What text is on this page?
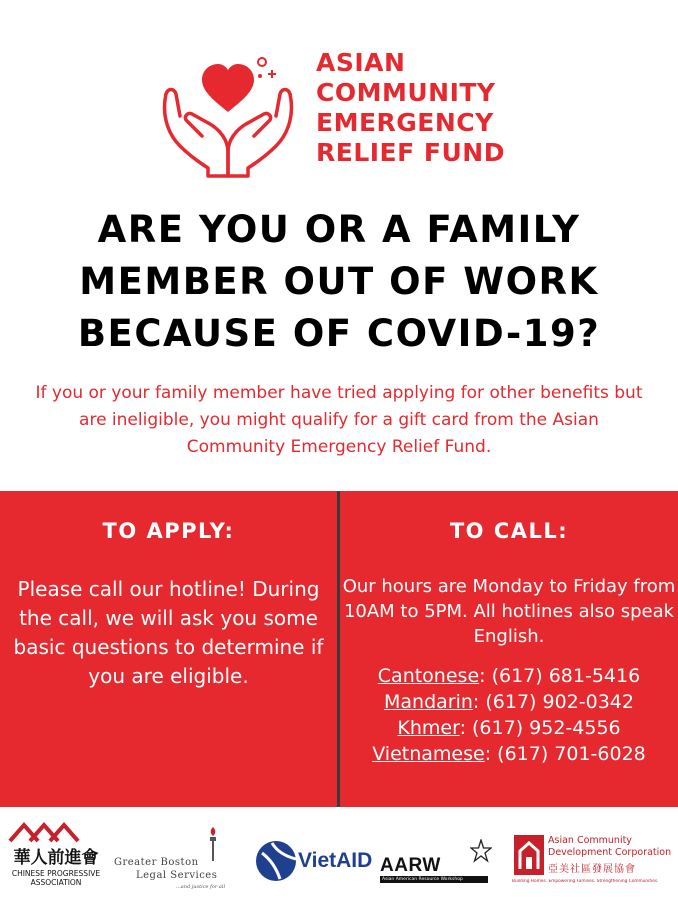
ASIAN
COMMUNITY
EMERGENCY
RELIEF FUND
ARE YOU OR A FAMILY
MEMBER OUT OF WORK
BECAUSE OF COVID-19?
If you or your family member have tried applying for other benefits but are ineligible, you might qualify for a gift card from the Asian Community Emergency Relief Fund.
TO APPLY:
Please call our hotline! During the call, we will ask you some basic questions to determine if you are eligible.
TO CALL:
Our hours are Monday to Friday from 10AM to 5PM. All hotlines also speak English.
Cantonese: (617) 681-5416
Mandarin: (617) 902-0342
Khmer: (617) 952-4556
Vietnamese: (617) 701-6028
華人前進會
CHINESE PROGRESSIVE
ASSOCIATION
Greater Boston
Legal Services
...and justice for all
VietAID AARW
Asian American Resource Workshop
Asian Community
Development Corporation
亞美社區發展協會
Building Homes. Empowering Families. Strengthening Communities.
